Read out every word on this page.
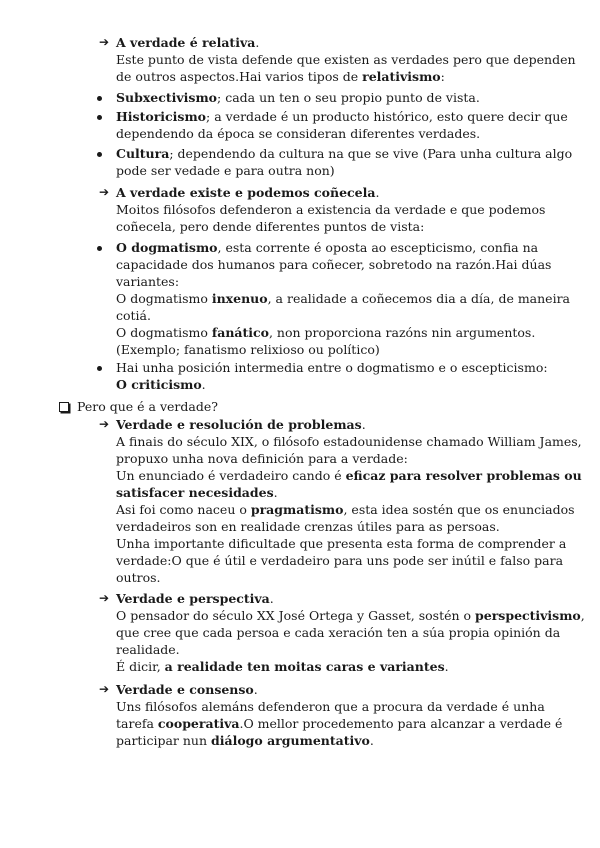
➔ A verdade é relativa.
Este punto de vista defende que existen as verdades pero que dependen
de outros aspectos.Hai varios tipos de relativismo:
Subxectivismo; cada un ten o seu propio punto de vista.
Historicismo; a verdade é un producto histórico, esto quere decir que
dependendo da época se consideran diferentes verdades.
Cultura; dependendo da cultura na que se vive (Para unha cultura algo
pode ser vedade e para outra non)
➔ A verdade existe e podemos coñecela.
Moitos filósofos defenderon a existencia da verdade e que podemos
coñecela, pero dende diferentes puntos de vista:
O dogmatismo, esta corrente é oposta ao escepticismo, confia na
capacidade dos humanos para coñecer, sobretodo na razón.Hai dúas
variantes:
O dogmatismo inxenuo, a realidade a coñecemos dia a día, de maneira
cotiá.
O dogmatismo fanático, non proporciona razóns nin argumentos.
(Exemplo; fanatismo relixioso ou político)
Hai unha posición intermedia entre o dogmatismo e o escepticismo:
O criticismo.
Pero que é a verdade?
➔ Verdade e resolución de problemas.
A finais do século XIX, o filósofo estadounidense chamado William James,
propuxo unha nova definición para a verdade:
Un enunciado é verdadeiro cando é eficaz para resolver problemas ou
satisfacer necesidades.
Asi foi como naceu o pragmatismo, esta idea sostén que os enunciados
verdadeiros son en realidade crenzas útiles para as persoas.
Unha importante dificultade que presenta esta forma de comprender a
verdade:O que é útil e verdadeiro para uns pode ser inútil e falso para
outros.
➔ Verdade e perspectiva.
O pensador do século XX José Ortega y Gasset, sostén o perspectivismo,
que cree que cada persoa e cada xeración ten a súa propia opinión da
realidade.
É dicir, a realidade ten moitas caras e variantes.
➔ Verdade e consenso.
Uns filósofos alemáns defenderon que a procura da verdade é unha
tarefa cooperativa.O mellor procedemento para alcanzar a verdade é
participar nun diálogo argumentativo.
